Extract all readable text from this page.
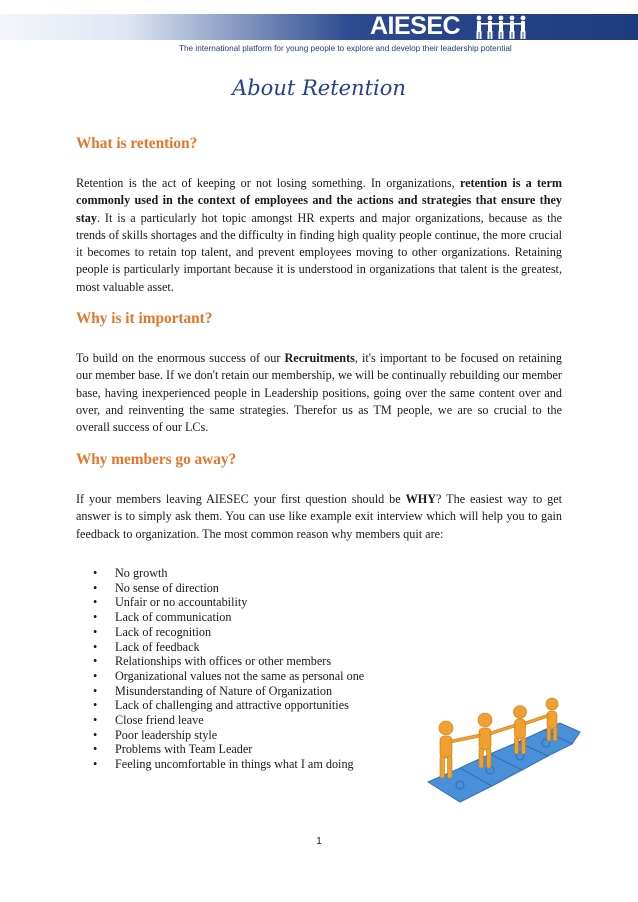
AIESEC
The international platform for young people to explore and develop their leadership potential
About Retention
What is retention?

Retention is the act of keeping or not losing something. In organizations, retention is a term commonly used in the context of employees and the actions and strategies that ensure they stay. It is a particularly hot topic amongst HR experts and major organizations, because as the trends of skills shortages and the difficulty in finding high quality people continue, the more crucial it becomes to retain top talent, and prevent employees moving to other organizations. Retaining people is particularly important because it is understood in organizations that talent is the greatest, most valuable asset.

Why is it important?

To build on the enormous success of our Recruitments, it's important to be focused on retaining our member base. If we don't retain our membership, we will be continually rebuilding our member base, having inexperienced people in Leadership positions, going over the same content over and over, and reinventing the same strategies. Therefor us as TM people, we are so crucial to the overall success of our LCs.

Why members go away?

If your members leaving AIESEC your first question should be WHY? The easiest way to get answer is to simply ask them. You can use like example exit interview which will help you to gain feedback to organization. The most common reason why members quit are:

• No growth
• No sense of direction
• Unfair or no accountability
• Lack of communication
• Lack of recognition
• Lack of feedback
• Relationships with offices or other members
• Organizational values not the same as personal one
• Misunderstanding of Nature of Organization
• Lack of challenging and attractive opportunities
• Close friend leave
• Poor leadership style
• Problems with Team Leader
• Feeling uncomfortable in things what I am doing
1
